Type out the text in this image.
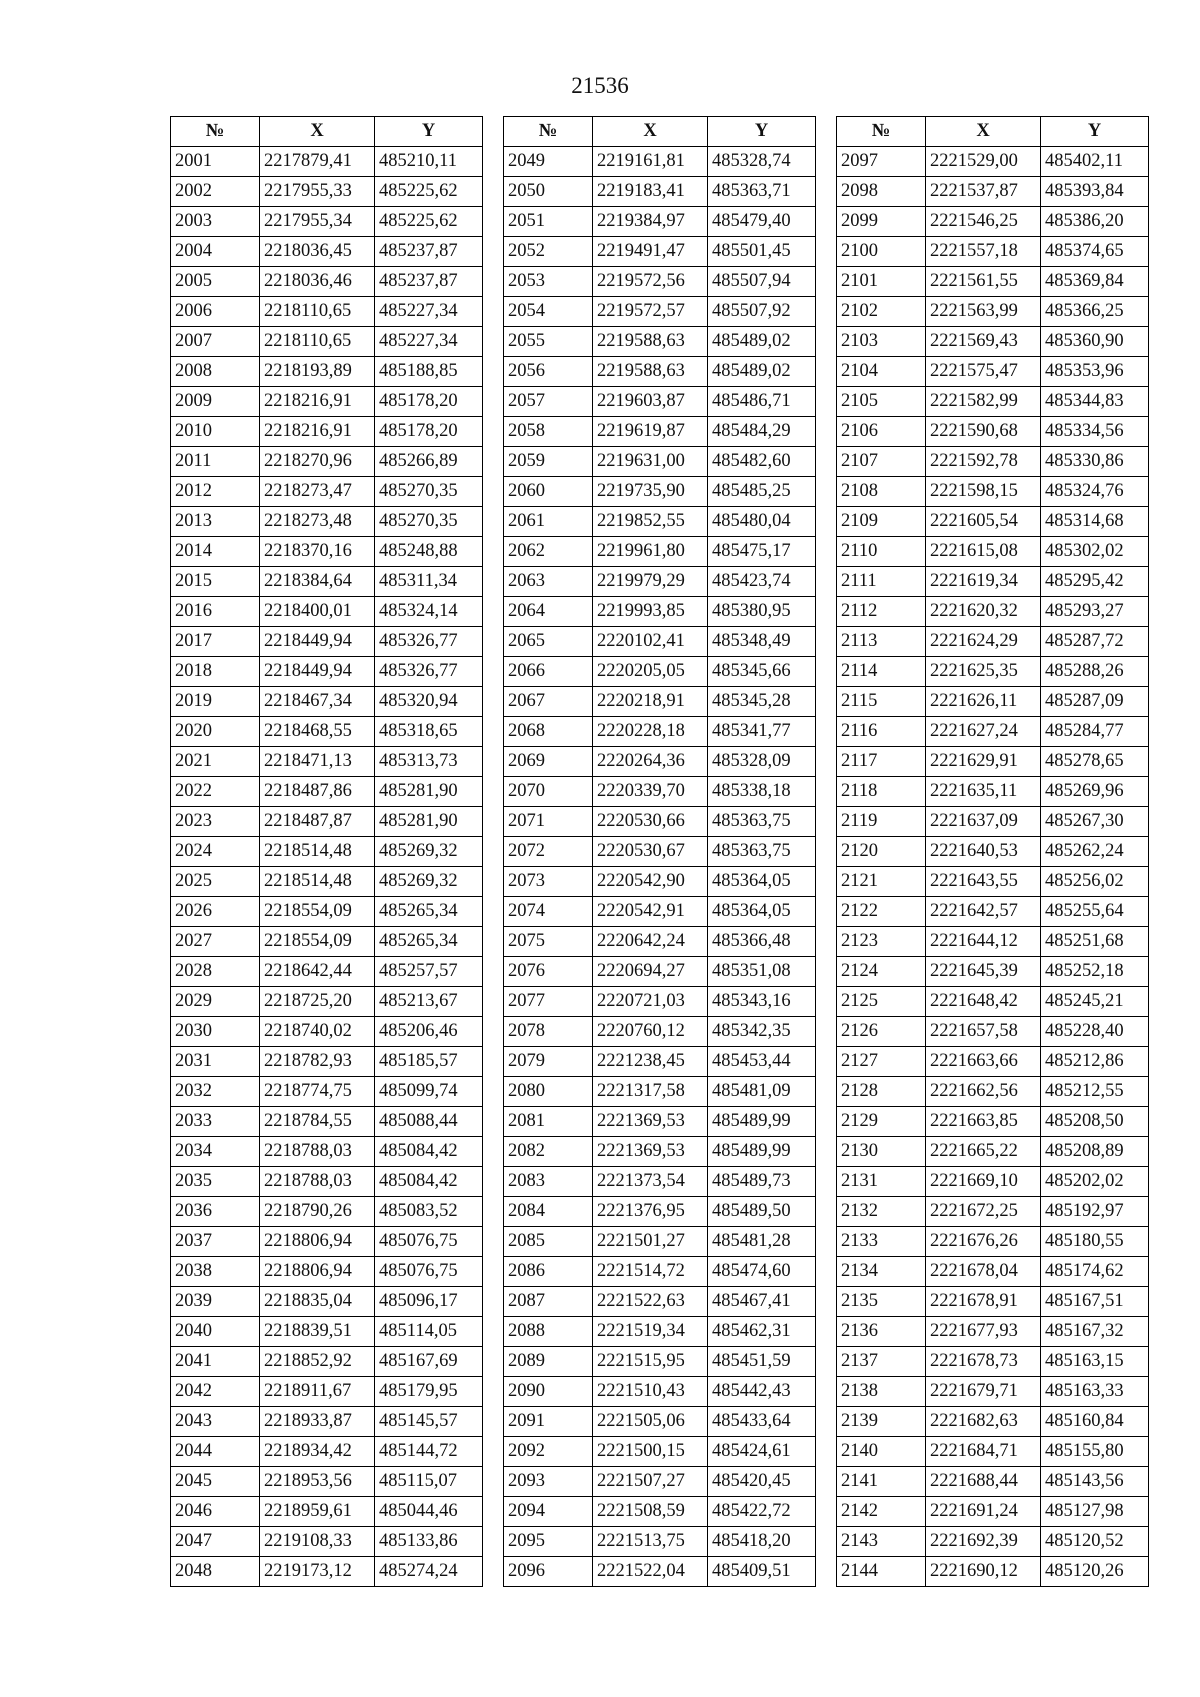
21536
№	X	Y
2001	2217879,41	485210,11
2002	2217955,33	485225,62
2003	2217955,34	485225,62
2004	2218036,45	485237,87
2005	2218036,46	485237,87
2006	2218110,65	485227,34
2007	2218110,65	485227,34
2008	2218193,89	485188,85
2009	2218216,91	485178,20
2010	2218216,91	485178,20
2011	2218270,96	485266,89
2012	2218273,47	485270,35
2013	2218273,48	485270,35
2014	2218370,16	485248,88
2015	2218384,64	485311,34
2016	2218400,01	485324,14
2017	2218449,94	485326,77
2018	2218449,94	485326,77
2019	2218467,34	485320,94
2020	2218468,55	485318,65
2021	2218471,13	485313,73
2022	2218487,86	485281,90
2023	2218487,87	485281,90
2024	2218514,48	485269,32
2025	2218514,48	485269,32
2026	2218554,09	485265,34
2027	2218554,09	485265,34
2028	2218642,44	485257,57
2029	2218725,20	485213,67
2030	2218740,02	485206,46
2031	2218782,93	485185,57
2032	2218774,75	485099,74
2033	2218784,55	485088,44
2034	2218788,03	485084,42
2035	2218788,03	485084,42
2036	2218790,26	485083,52
2037	2218806,94	485076,75
2038	2218806,94	485076,75
2039	2218835,04	485096,17
2040	2218839,51	485114,05
2041	2218852,92	485167,69
2042	2218911,67	485179,95
2043	2218933,87	485145,57
2044	2218934,42	485144,72
2045	2218953,56	485115,07
2046	2218959,61	485044,46
2047	2219108,33	485133,86
2048	2219173,12	485274,24
№	X	Y
2049	2219161,81	485328,74
2050	2219183,41	485363,71
2051	2219384,97	485479,40
2052	2219491,47	485501,45
2053	2219572,56	485507,94
2054	2219572,57	485507,92
2055	2219588,63	485489,02
2056	2219588,63	485489,02
2057	2219603,87	485486,71
2058	2219619,87	485484,29
2059	2219631,00	485482,60
2060	2219735,90	485485,25
2061	2219852,55	485480,04
2062	2219961,80	485475,17
2063	2219979,29	485423,74
2064	2219993,85	485380,95
2065	2220102,41	485348,49
2066	2220205,05	485345,66
2067	2220218,91	485345,28
2068	2220228,18	485341,77
2069	2220264,36	485328,09
2070	2220339,70	485338,18
2071	2220530,66	485363,75
2072	2220530,67	485363,75
2073	2220542,90	485364,05
2074	2220542,91	485364,05
2075	2220642,24	485366,48
2076	2220694,27	485351,08
2077	2220721,03	485343,16
2078	2220760,12	485342,35
2079	2221238,45	485453,44
2080	2221317,58	485481,09
2081	2221369,53	485489,99
2082	2221369,53	485489,99
2083	2221373,54	485489,73
2084	2221376,95	485489,50
2085	2221501,27	485481,28
2086	2221514,72	485474,60
2087	2221522,63	485467,41
2088	2221519,34	485462,31
2089	2221515,95	485451,59
2090	2221510,43	485442,43
2091	2221505,06	485433,64
2092	2221500,15	485424,61
2093	2221507,27	485420,45
2094	2221508,59	485422,72
2095	2221513,75	485418,20
2096	2221522,04	485409,51
№	X	Y
2097	2221529,00	485402,11
2098	2221537,87	485393,84
2099	2221546,25	485386,20
2100	2221557,18	485374,65
2101	2221561,55	485369,84
2102	2221563,99	485366,25
2103	2221569,43	485360,90
2104	2221575,47	485353,96
2105	2221582,99	485344,83
2106	2221590,68	485334,56
2107	2221592,78	485330,86
2108	2221598,15	485324,76
2109	2221605,54	485314,68
2110	2221615,08	485302,02
2111	2221619,34	485295,42
2112	2221620,32	485293,27
2113	2221624,29	485287,72
2114	2221625,35	485288,26
2115	2221626,11	485287,09
2116	2221627,24	485284,77
2117	2221629,91	485278,65
2118	2221635,11	485269,96
2119	2221637,09	485267,30
2120	2221640,53	485262,24
2121	2221643,55	485256,02
2122	2221642,57	485255,64
2123	2221644,12	485251,68
2124	2221645,39	485252,18
2125	2221648,42	485245,21
2126	2221657,58	485228,40
2127	2221663,66	485212,86
2128	2221662,56	485212,55
2129	2221663,85	485208,50
2130	2221665,22	485208,89
2131	2221669,10	485202,02
2132	2221672,25	485192,97
2133	2221676,26	485180,55
2134	2221678,04	485174,62
2135	2221678,91	485167,51
2136	2221677,93	485167,32
2137	2221678,73	485163,15
2138	2221679,71	485163,33
2139	2221682,63	485160,84
2140	2221684,71	485155,80
2141	2221688,44	485143,56
2142	2221691,24	485127,98
2143	2221692,39	485120,52
2144	2221690,12	485120,26
